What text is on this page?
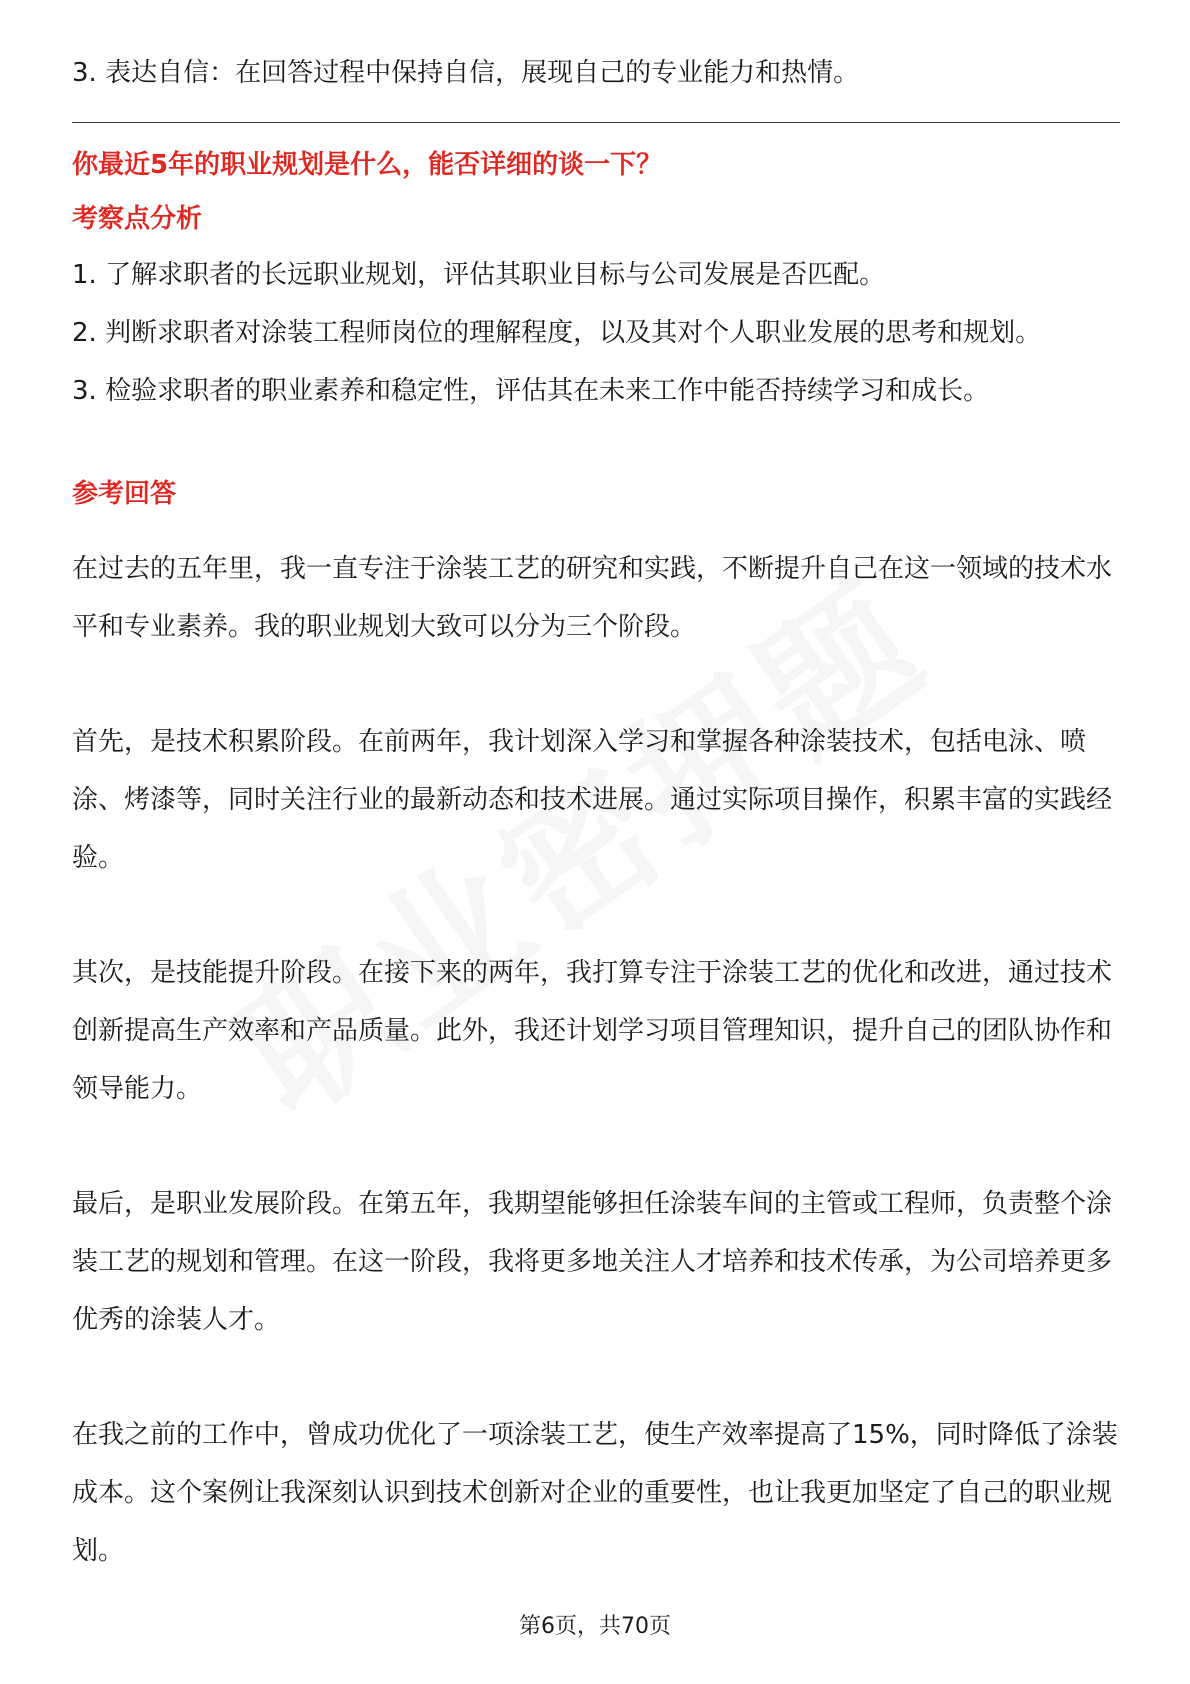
3. 表达自信：在回答过程中保持自信，展现自己的专业能力和热情。

你最近5年的职业规划是什么，能否详细的谈一下？

考察点分析

1. 了解求职者的长远职业规划，评估其职业目标与公司发展是否匹配。
2. 判断求职者对涂装工程师岗位的理解程度，以及其对个人职业发展的思考和规划。
3. 检验求职者的职业素养和稳定性，评估其在未来工作中能否持续学习和成长。

参考回答

在过去的五年里，我一直专注于涂装工艺的研究和实践，不断提升自己在这一领域的技术水平和专业素养。我的职业规划大致可以分为三个阶段。

首先，是技术积累阶段。在前两年，我计划深入学习和掌握各种涂装技术，包括电泳、喷涂、烤漆等，同时关注行业的最新动态和技术进展。通过实际项目操作，积累丰富的实践经验。

其次，是技能提升阶段。在接下来的两年，我打算专注于涂装工艺的优化和改进，通过技术创新提高生产效率和产品质量。此外，我还计划学习项目管理知识，提升自己的团队协作和领导能力。

最后，是职业发展阶段。在第五年，我期望能够担任涂装车间的主管或工程师，负责整个涂装工艺的规划和管理。在这一阶段，我将更多地关注人才培养和技术传承，为公司培养更多优秀的涂装人才。

在我之前的工作中，曾成功优化了一项涂装工艺，使生产效率提高了15%，同时降低了涂装成本。这个案例让我深刻认识到技术创新对企业的重要性，也让我更加坚定了自己的职业规划。

第6页，共70页
